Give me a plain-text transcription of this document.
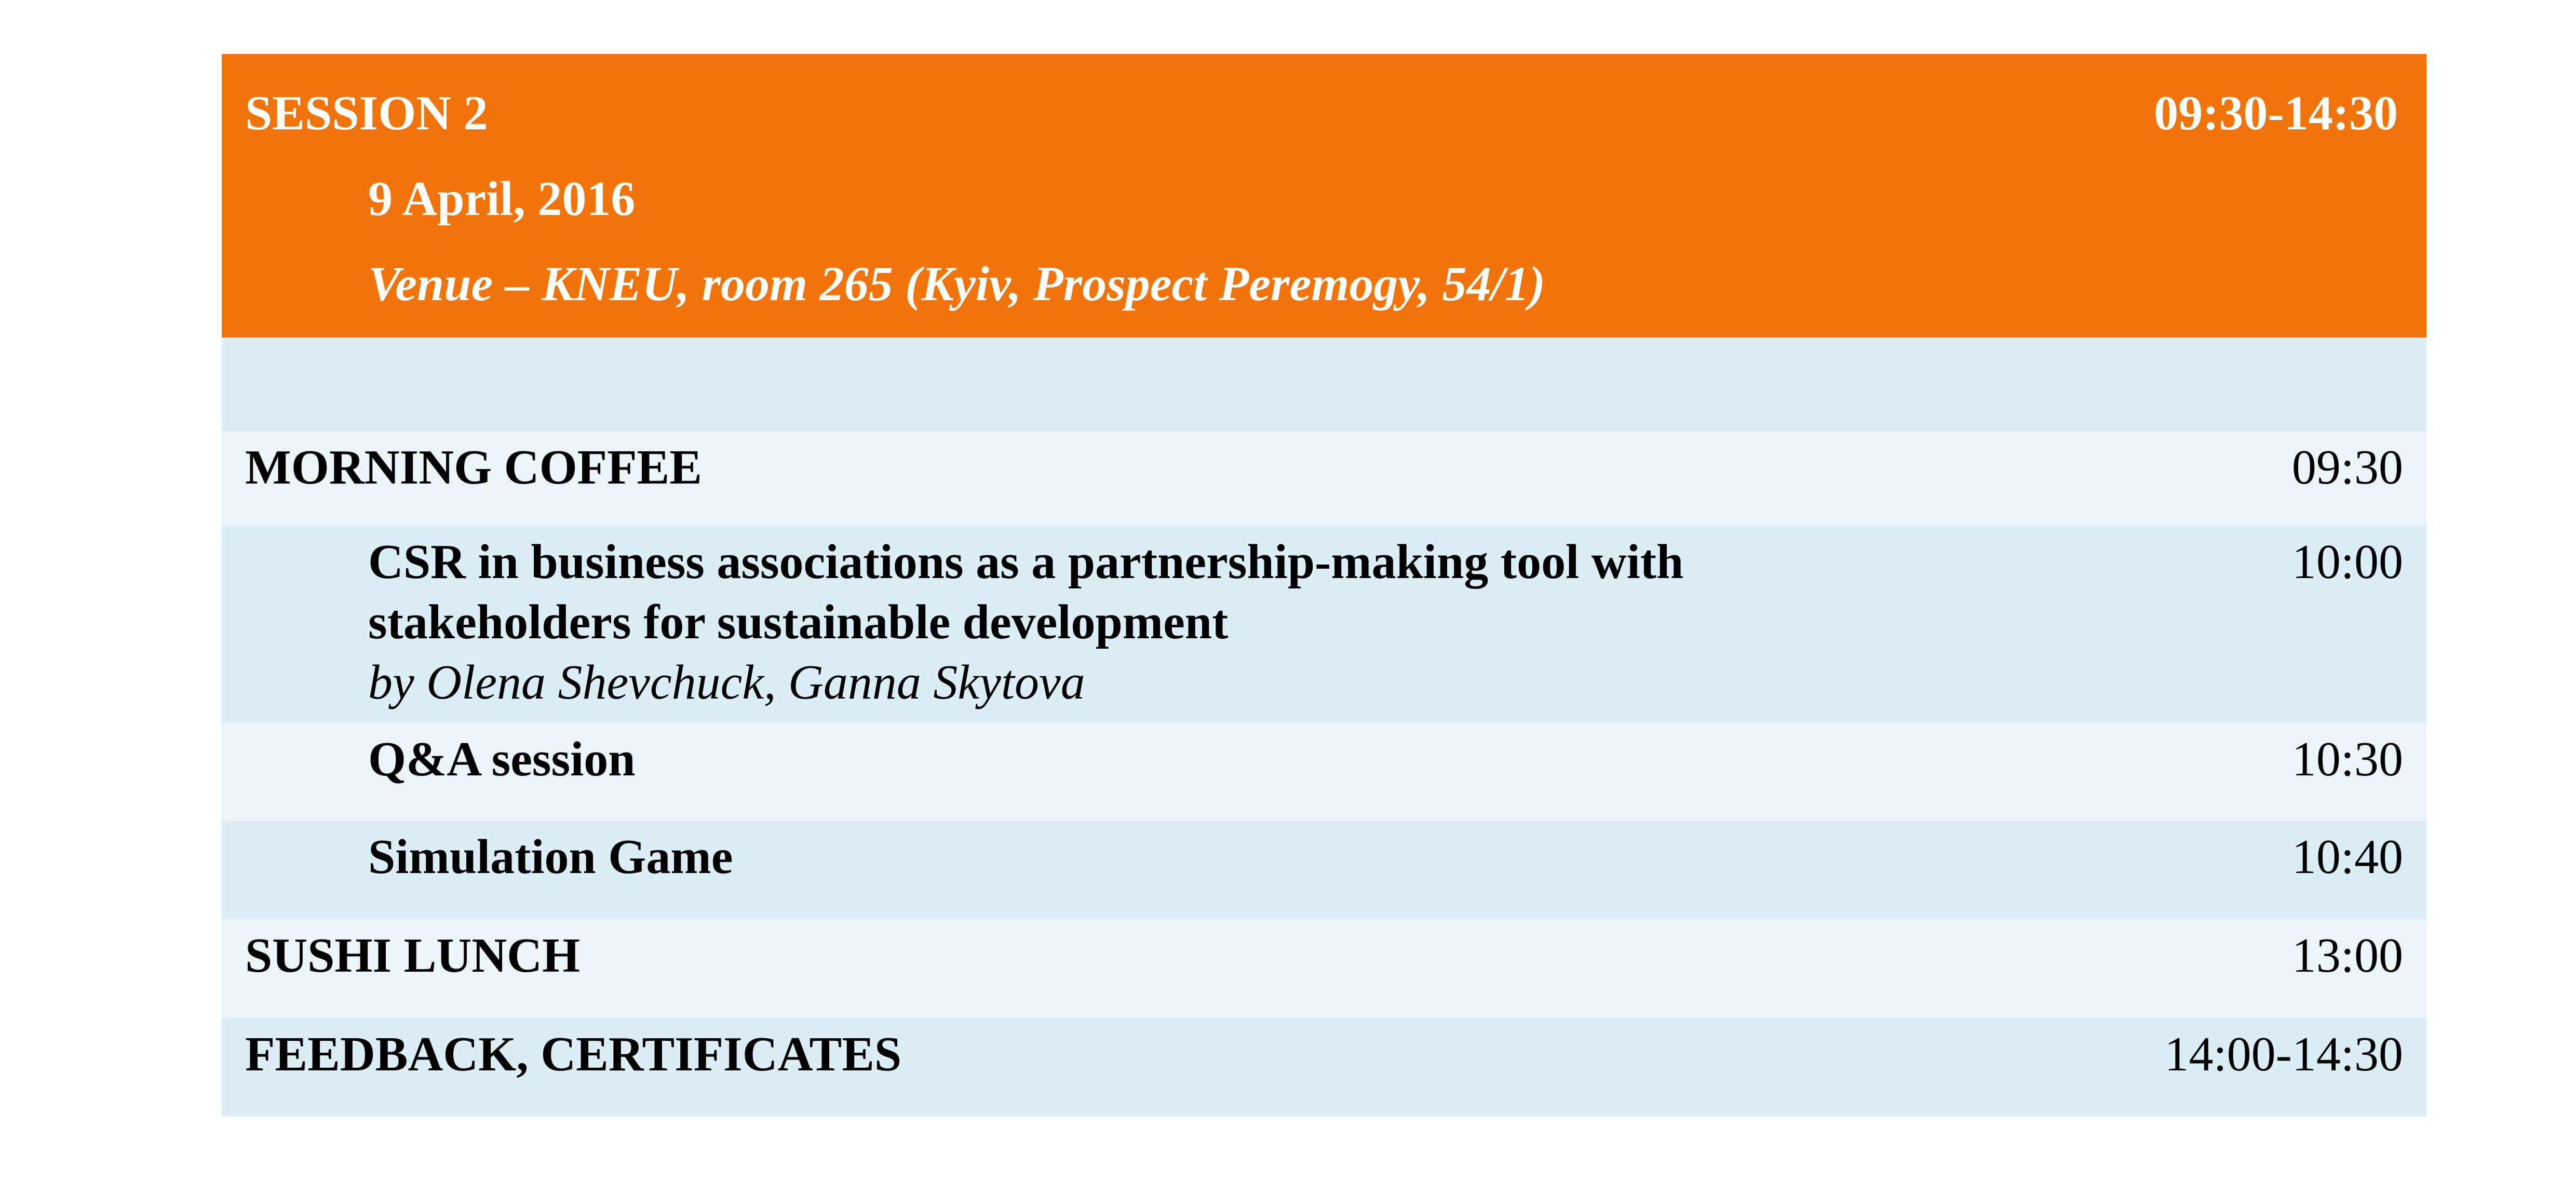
SESSION 2	09:30-14:30
9 April, 2016
Venue – KNEU, room 265 (Kyiv, Prospect Peremogy, 54/1)
MORNING COFFEE	09:30
CSR in business associations as a partnership-making tool with
stakeholders for sustainable development
by Olena Shevchuck, Ganna Skytova
10:00
Q&A session	10:30
Simulation Game	10:40
SUSHI LUNCH	13:00
FEEDBACK, CERTIFICATES	14:00-14:30
